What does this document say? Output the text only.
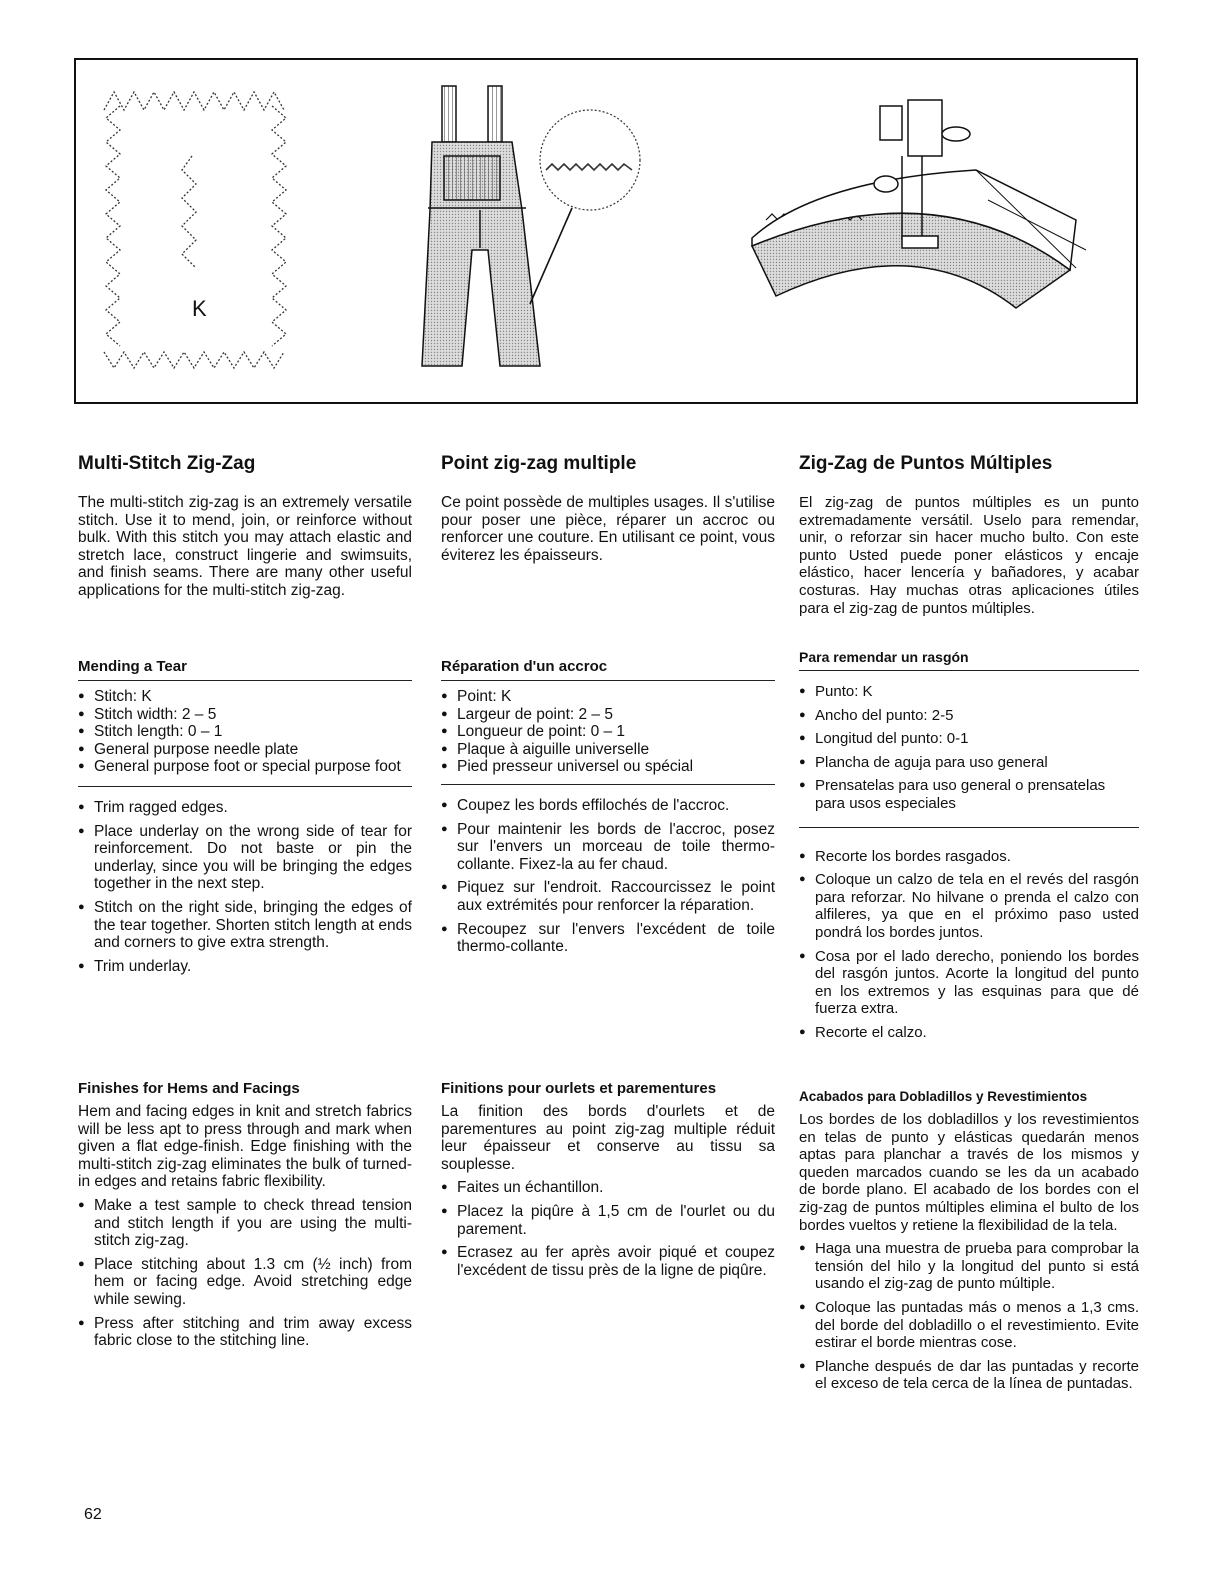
K
Multi-Stitch Zig-Zag

The multi-stitch zig-zag is an extremely versatile stitch. Use it to mend, join, or reinforce without bulk. With this stitch you may attach elastic and stretch lace, construct lingerie and swimsuits, and finish seams. There are many other useful applications for the multi-stitch zig-zag.

Mending a Tear
● Stitch: K
● Stitch width: 2 – 5
● Stitch length: 0 – 1
● General purpose needle plate
● General purpose foot or special purpose foot
● Trim ragged edges.
● Place underlay on the wrong side of tear for reinforcement. Do not baste or pin the underlay, since you will be bringing the edges together in the next step.
● Stitch on the right side, bringing the edges of the tear together. Shorten stitch length at ends and corners to give extra strength.
● Trim underlay.
Finishes for Hems and Facings

Hem and facing edges in knit and stretch fabrics will be less apt to press through and mark when given a flat edge-finish. Edge finishing with the multi-stitch zig-zag eliminates the bulk of turned-in edges and retains fabric flexibility.

● Make a test sample to check thread tension and stitch length if you are using the multi-stitch zig-zag.
● Place stitching about 1.3 cm (½ inch) from hem or facing edge. Avoid stretching edge while sewing.
● Press after stitching and trim away excess fabric close to the stitching line.
Point zig-zag multiple

Ce point possède de multiples usages. Il s'utilise pour poser une pièce, réparer un accroc ou renforcer une couture. En utilisant ce point, vous éviterez les épaisseurs.

Réparation d'un accroc
● Point: K
● Largeur de point: 2 – 5
● Longueur de point: 0 – 1
● Plaque à aiguille universelle
● Pied presseur universel ou spécial
● Coupez les bords effilochés de l'accroc.
● Pour maintenir les bords de l'accroc, posez sur l'envers un morceau de toile thermo-collante. Fixez-la au fer chaud.
● Piquez sur l'endroit. Raccourcissez le point aux extrémités pour renforcer la réparation.
● Recoupez sur l'envers l'excédent de toile thermo-collante.
Finitions pour ourlets et parementures

La finition des bords d'ourlets et de parementures au point zig-zag multiple réduit leur épaisseur et conserve au tissu sa souplesse.

● Faites un échantillon.
● Placez la piqûre à 1,5 cm de l'ourlet ou du parement.
● Ecrasez au fer après avoir piqué et coupez l'excédent de tissu près de la ligne de piqûre.
Zig-Zag de Puntos Múltiples

El zig-zag de puntos múltiples es un punto extremadamente versátil. Uselo para remendar, unir, o reforzar sin hacer mucho bulto. Con este punto Usted puede poner elásticos y encaje elástico, hacer lencería y bañadores, y acabar costuras. Hay muchas otras aplicaciones útiles para el zig-zag de puntos múltiples.

Para remendar un rasgón
● Punto: K
● Ancho del punto: 2-5
● Longitud del punto: 0-1
● Plancha de aguja para uso general
● Prensatelas para uso general o prensatelas para usos especiales
● Recorte los bordes rasgados.
● Coloque un calzo de tela en el revés del rasgón para reforzar. No hilvane o prenda el calzo con alfileres, ya que en el próximo paso usted pondrá los bordes juntos.
● Cosa por el lado derecho, poniendo los bordes del rasgón juntos. Acorte la longitud del punto en los extremos y las esquinas para que dé fuerza extra.
● Recorte el calzo.
Acabados para Dobladillos y Revestimientos

Los bordes de los dobladillos y los revestimientos en telas de punto y elásticas quedarán menos aptas para planchar a través de los mismos y queden marcados cuando se les da un acabado de borde plano. El acabado de los bordes con el zig-zag de puntos múltiples elimina el bulto de los bordes vueltos y retiene la flexibilidad de la tela.

● Haga una muestra de prueba para comprobar la tensión del hilo y la longitud del punto si está usando el zig-zag de punto múltiple.
● Coloque las puntadas más o menos a 1,3 cms. del borde del dobladillo o el revestimiento. Evite estirar el borde mientras cose.
● Planche después de dar las puntadas y recorte el exceso de tela cerca de la línea de puntadas.
62
